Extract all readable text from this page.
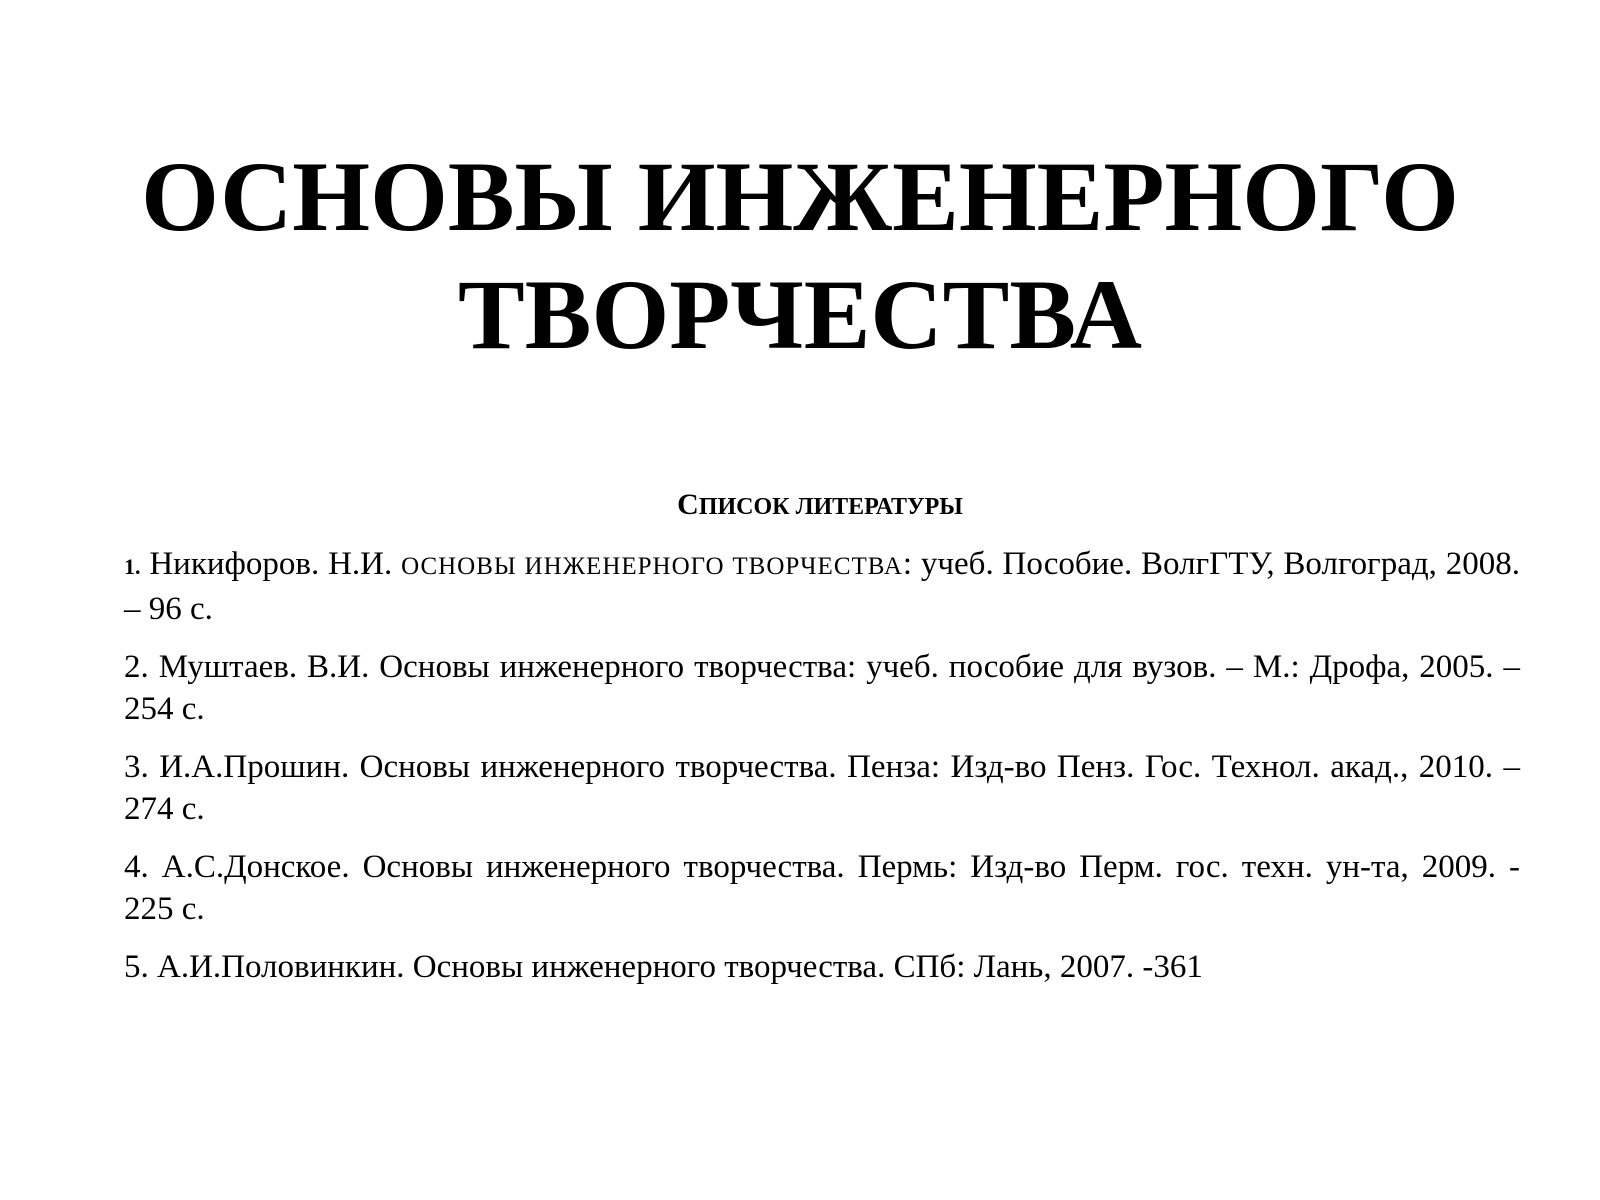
ОСНОВЫ ИНЖЕНЕРНОГО
ТВОРЧЕСТВА
СПИСОК ЛИТЕРАТУРЫ

1. Никифоров. Н.И. ОСНОВЫ ИНЖЕНЕРНОГО ТВОРЧЕСТВА: учеб. Пособие. ВолгГТУ, Волгоград, 2008. – 96 с.

2. Муштаев. В.И. Основы инженерного творчества: учеб. пособие для вузов. – М.: Дрофа, 2005. – 254 с.

3. И.А.Прошин. Основы инженерного творчества. Пенза: Изд-во Пенз. Гос. Технол. акад., 2010. – 274 с.

4. А.С.Донское. Основы инженерного творчества. Пермь: Изд-во Перм. гос. техн. ун-та, 2009. - 225 с.

5. А.И.Половинкин. Основы инженерного творчества. СПб: Лань, 2007. -361
